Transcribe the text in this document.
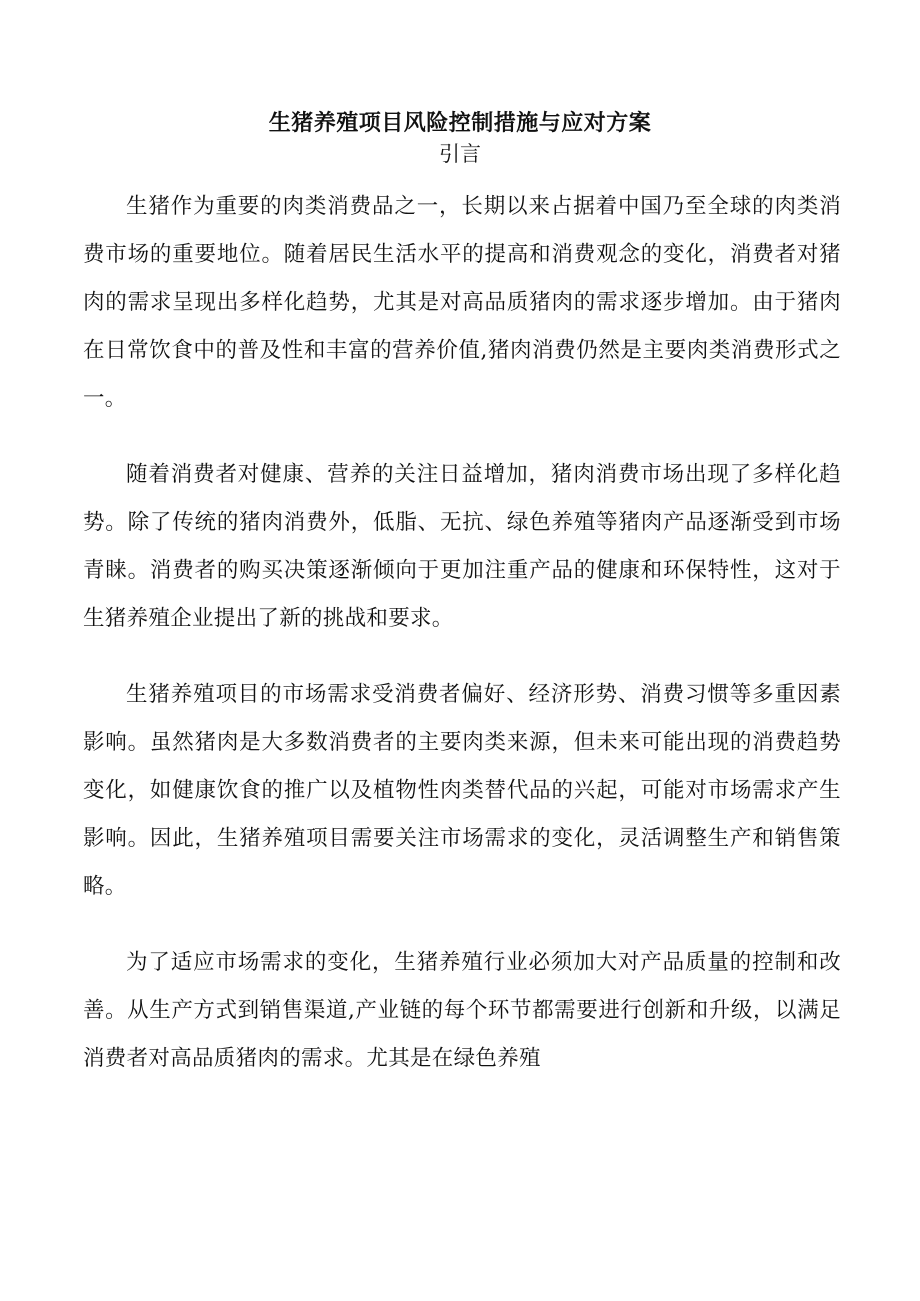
生猪养殖项目风险控制措施与应对方案
引言

生猪作为重要的肉类消费品之一，长期以来占据着中国乃至全球的肉类消费市场的重要地位。随着居民生活水平的提高和消费观念的变化，消费者对猪肉的需求呈现出多样化趋势，尤其是对高品质猪肉的需求逐步增加。由于猪肉在日常饮食中的普及性和丰富的营养价值,猪肉消费仍然是主要肉类消费形式之一。

随着消费者对健康、营养的关注日益增加，猪肉消费市场出现了多样化趋势。除了传统的猪肉消费外，低脂、无抗、绿色养殖等猪肉产品逐渐受到市场青睐。消费者的购买决策逐渐倾向于更加注重产品的健康和环保特性，这对于生猪养殖企业提出了新的挑战和要求。

生猪养殖项目的市场需求受消费者偏好、经济形势、消费习惯等多重因素影响。虽然猪肉是大多数消费者的主要肉类来源，但未来可能出现的消费趋势变化，如健康饮食的推广以及植物性肉类替代品的兴起，可能对市场需求产生影响。因此，生猪养殖项目需要关注市场需求的变化，灵活调整生产和销售策略。

为了适应市场需求的变化，生猪养殖行业必须加大对产品质量的控制和改善。从生产方式到销售渠道,产业链的每个环节都需要进行创新和升级，以满足消费者对高品质猪肉的需求。尤其是在绿色养殖
